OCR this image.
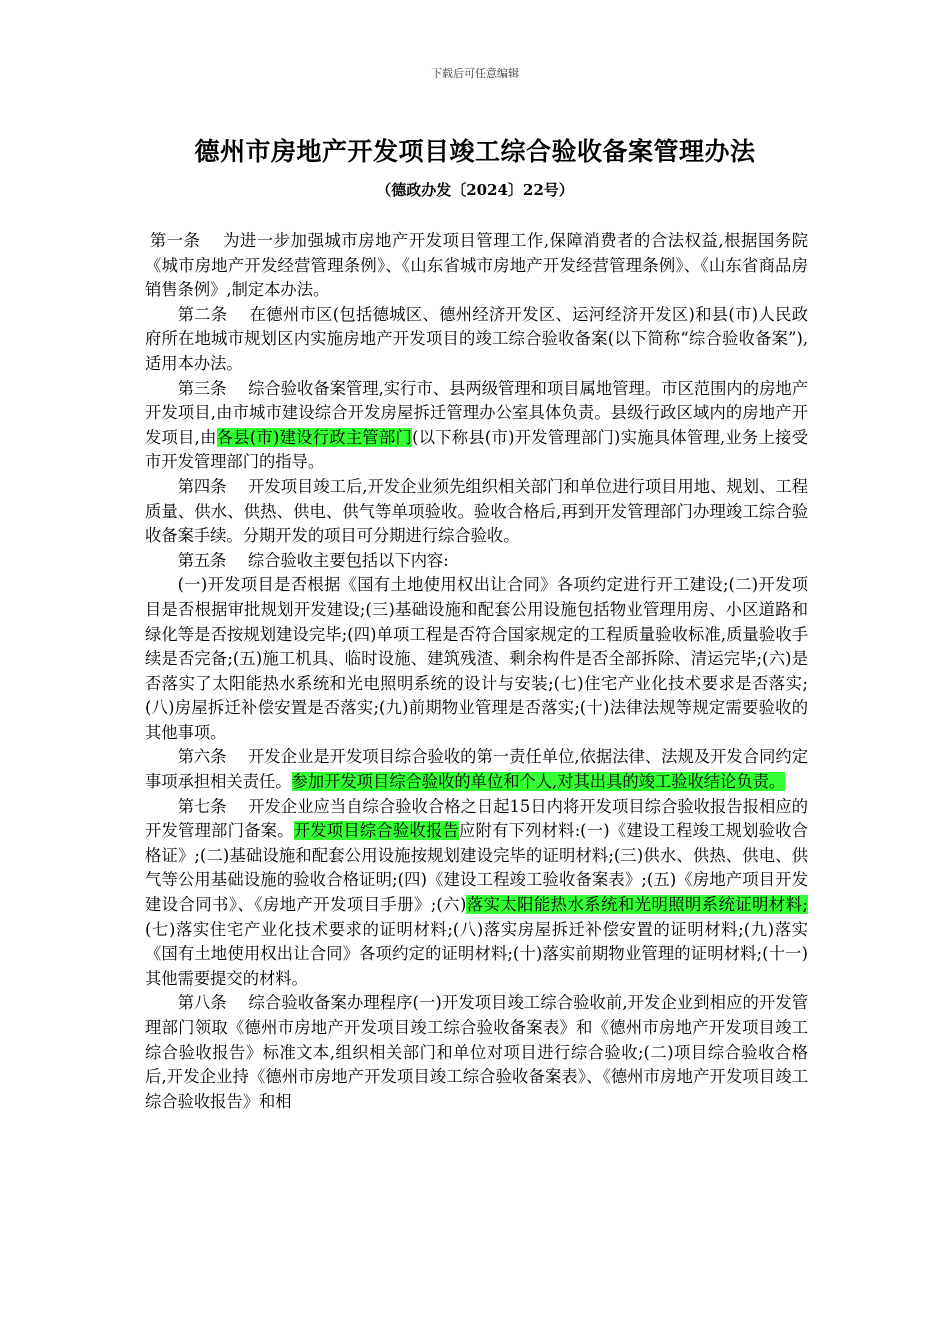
下载后可任意编辑
德州市房地产开发项目竣工综合验收备案管理办法
（德政办发〔2024〕22号）

第一条　 为进一步加强城市房地产开发项目管理工作,保障消费者的合法权益,根据国务院《城市房地产开发经营管理条例》、《山东省城市房地产开发经营管理条例》、《山东省商品房销售条例》,制定本办法。

第二条　 在德州市区(包括德城区、德州经济开发区、运河经济开发区)和县(市)人民政府所在地城市规划区内实施房地产开发项目的竣工综合验收备案(以下简称“综合验收备案”),适用本办法。

第三条　 综合验收备案管理,实行市、县两级管理和项目属地管理。市区范围内的房地产开发项目,由市城市建设综合开发房屋拆迁管理办公室具体负责。县级行政区域内的房地产开发项目,由各县(市)建设行政主管部门(以下称县(市)开发管理部门)实施具体管理,业务上接受市开发管理部门的指导。

第四条　 开发项目竣工后,开发企业须先组织相关部门和单位进行项目用地、规划、工程质量、供水、供热、供电、供气等单项验收。验收合格后,再到开发管理部门办理竣工综合验收备案手续。分期开发的项目可分期进行综合验收。

第五条　 综合验收主要包括以下内容:

(一)开发项目是否根据《国有土地使用权出让合同》各项约定进行开工建设;(二)开发项目是否根据审批规划开发建设;(三)基础设施和配套公用设施包括物业管理用房、小区道路和绿化等是否按规划建设完毕;(四)单项工程是否符合国家规定的工程质量验收标准,质量验收手续是否完备;(五)施工机具、临时设施、建筑残渣、剩余构件是否全部拆除、清运完毕;(六)是否落实了太阳能热水系统和光电照明系统的设计与安装;(七)住宅产业化技术要求是否落实;(八)房屋拆迁补偿安置是否落实;(九)前期物业管理是否落实;(十)法律法规等规定需要验收的其他事项。

第六条　 开发企业是开发项目综合验收的第一责任单位,依据法律、法规及开发合同约定事项承担相关责任。参加开发项目综合验收的单位和个人,对其出具的竣工验收结论负责。

第七条　 开发企业应当自综合验收合格之日起15日内将开发项目综合验收报告报相应的开发管理部门备案。开发项目综合验收报告应附有下列材料:(一)《建设工程竣工规划验收合格证》;(二)基础设施和配套公用设施按规划建设完毕的证明材料;(三)供水、供热、供电、供气等公用基础设施的验收合格证明;(四)《建设工程竣工验收备案表》;(五)《房地产项目开发建设合同书》、《房地产开发项目手册》;(六)落实太阳能热水系统和光明照明系统证明材料;(七)落实住宅产业化技术要求的证明材料;(八)落实房屋拆迁补偿安置的证明材料;(九)落实《国有土地使用权出让合同》各项约定的证明材料;(十)落实前期物业管理的证明材料;(十一)其他需要提交的材料。

第八条　 综合验收备案办理程序(一)开发项目竣工综合验收前,开发企业到相应的开发管理部门领取《德州市房地产开发项目竣工综合验收备案表》和《德州市房地产开发项目竣工综合验收报告》标准文本,组织相关部门和单位对项目进行综合验收;(二)项目综合验收合格后,开发企业持《德州市房地产开发项目竣工综合验收备案表》、《德州市房地产开发项目竣工综合验收报告》和相
